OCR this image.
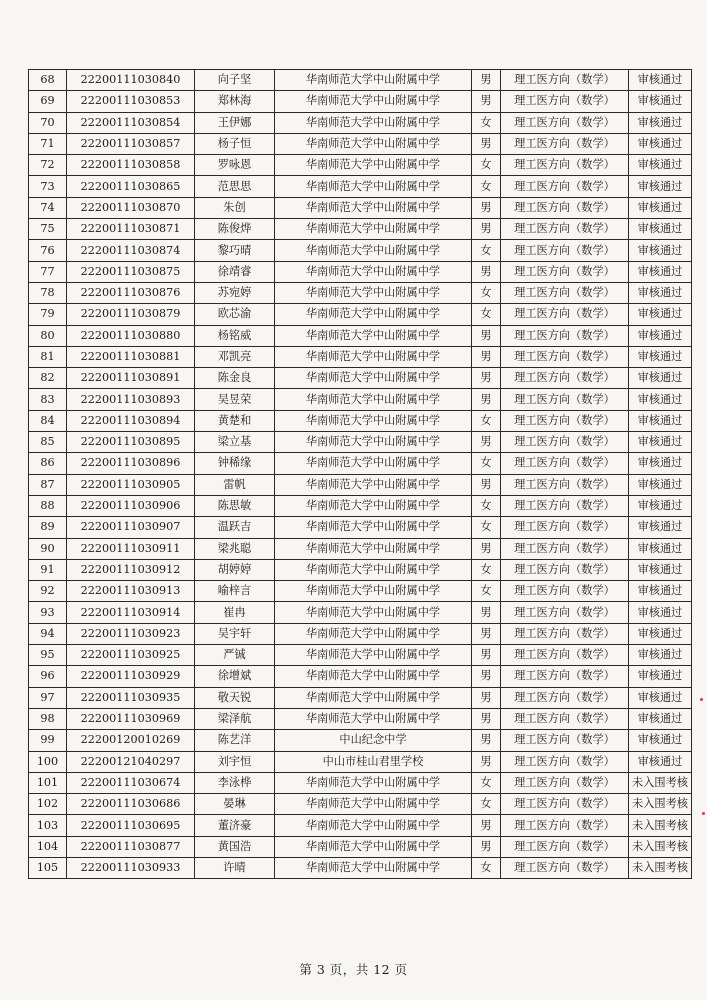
68	22200111030840	向子坚	华南师范大学中山附属中学	男	理工医方向（数学）	审核通过
69	22200111030853	郑林海	华南师范大学中山附属中学	男	理工医方向（数学）	审核通过
70	22200111030854	王伊娜	华南师范大学中山附属中学	女	理工医方向（数学）	审核通过
71	22200111030857	杨子恒	华南师范大学中山附属中学	男	理工医方向（数学）	审核通过
72	22200111030858	罗咏恩	华南师范大学中山附属中学	女	理工医方向（数学）	审核通过
73	22200111030865	范思思	华南师范大学中山附属中学	女	理工医方向（数学）	审核通过
74	22200111030870	朱创	华南师范大学中山附属中学	男	理工医方向（数学）	审核通过
75	22200111030871	陈俊烨	华南师范大学中山附属中学	男	理工医方向（数学）	审核通过
76	22200111030874	黎巧晴	华南师范大学中山附属中学	女	理工医方向（数学）	审核通过
77	22200111030875	徐靖睿	华南师范大学中山附属中学	男	理工医方向（数学）	审核通过
78	22200111030876	苏宛婷	华南师范大学中山附属中学	女	理工医方向（数学）	审核通过
79	22200111030879	欧芯渝	华南师范大学中山附属中学	女	理工医方向（数学）	审核通过
80	22200111030880	杨铭威	华南师范大学中山附属中学	男	理工医方向（数学）	审核通过
81	22200111030881	邓凯亮	华南师范大学中山附属中学	男	理工医方向（数学）	审核通过
82	22200111030891	陈金良	华南师范大学中山附属中学	男	理工医方向（数学）	审核通过
83	22200111030893	吴昱荣	华南师范大学中山附属中学	男	理工医方向（数学）	审核通过
84	22200111030894	黄楚和	华南师范大学中山附属中学	女	理工医方向（数学）	审核通过
85	22200111030895	梁立基	华南师范大学中山附属中学	男	理工医方向（数学）	审核通过
86	22200111030896	钟稀缘	华南师范大学中山附属中学	女	理工医方向（数学）	审核通过
87	22200111030905	雷帆	华南师范大学中山附属中学	男	理工医方向（数学）	审核通过
88	22200111030906	陈思敏	华南师范大学中山附属中学	女	理工医方向（数学）	审核通过
89	22200111030907	温跃吉	华南师范大学中山附属中学	女	理工医方向（数学）	审核通过
90	22200111030911	梁兆聪	华南师范大学中山附属中学	男	理工医方向（数学）	审核通过
91	22200111030912	胡婷婷	华南师范大学中山附属中学	女	理工医方向（数学）	审核通过
92	22200111030913	喻梓言	华南师范大学中山附属中学	女	理工医方向（数学）	审核通过
93	22200111030914	崔冉	华南师范大学中山附属中学	男	理工医方向（数学）	审核通过
94	22200111030923	吴宇轩	华南师范大学中山附属中学	男	理工医方向（数学）	审核通过
95	22200111030925	严铖	华南师范大学中山附属中学	男	理工医方向（数学）	审核通过
96	22200111030929	徐增斌	华南师范大学中山附属中学	男	理工医方向（数学）	审核通过
97	22200111030935	敬天锐	华南师范大学中山附属中学	男	理工医方向（数学）	审核通过
98	22200111030969	梁泽航	华南师范大学中山附属中学	男	理工医方向（数学）	审核通过
99	22200120010269	陈艺洋	中山纪念中学	男	理工医方向（数学）	审核通过
100	22200121040297	刘宇恒	中山市桂山君里学校	男	理工医方向（数学）	审核通过
101	22200111030674	李泳桦	华南师范大学中山附属中学	女	理工医方向（数学）	未入围考核
102	22200111030686	晏琳	华南师范大学中山附属中学	女	理工医方向（数学）	未入围考核
103	22200111030695	董济豪	华南师范大学中山附属中学	男	理工医方向（数学）	未入围考核
104	22200111030877	黄国浩	华南师范大学中山附属中学	男	理工医方向（数学）	未入围考核
105	22200111030933	许晴	华南师范大学中山附属中学	女	理工医方向（数学）	未入围考核
第 3 页，共 12 页
